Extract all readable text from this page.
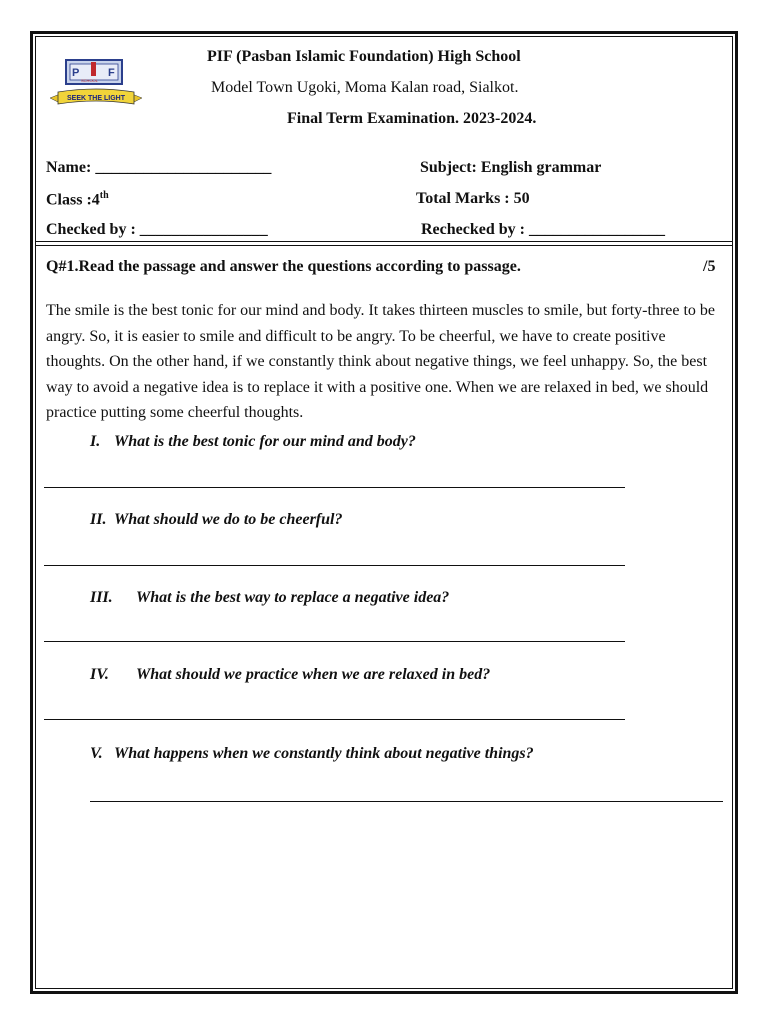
P	F
SCHOOL
SEEK THE LIGHT
PIF (Pasban Islamic Foundation) High School
Model Town Ugoki, Moma Kalan road, Sialkot.
Final Term Examination. 2023-2024.
Name: ______________________	Subject: English grammar
Class :4th	Total Marks : 50
Checked by : ________________	Rechecked by : _________________
Q#1.Read the passage and answer the questions according to passage.	/5
The smile is the best tonic for our mind and body. It takes thirteen muscles to smile, but forty-three to be angry. So, it is easier to smile and difficult to be angry. To be cheerful, we have to create positive thoughts. On the other hand, if we constantly think about negative things, we feel unhappy. So, the best way to avoid a negative idea is to replace it with a positive one. When we are relaxed in bed, we should practice putting some cheerful thoughts.
I. What is the best tonic for our mind and body?
II. What should we do to be cheerful?
III. What is the best way to replace a negative idea?
IV. What should we practice when we are relaxed in bed?
V. What happens when we constantly think about negative things?
